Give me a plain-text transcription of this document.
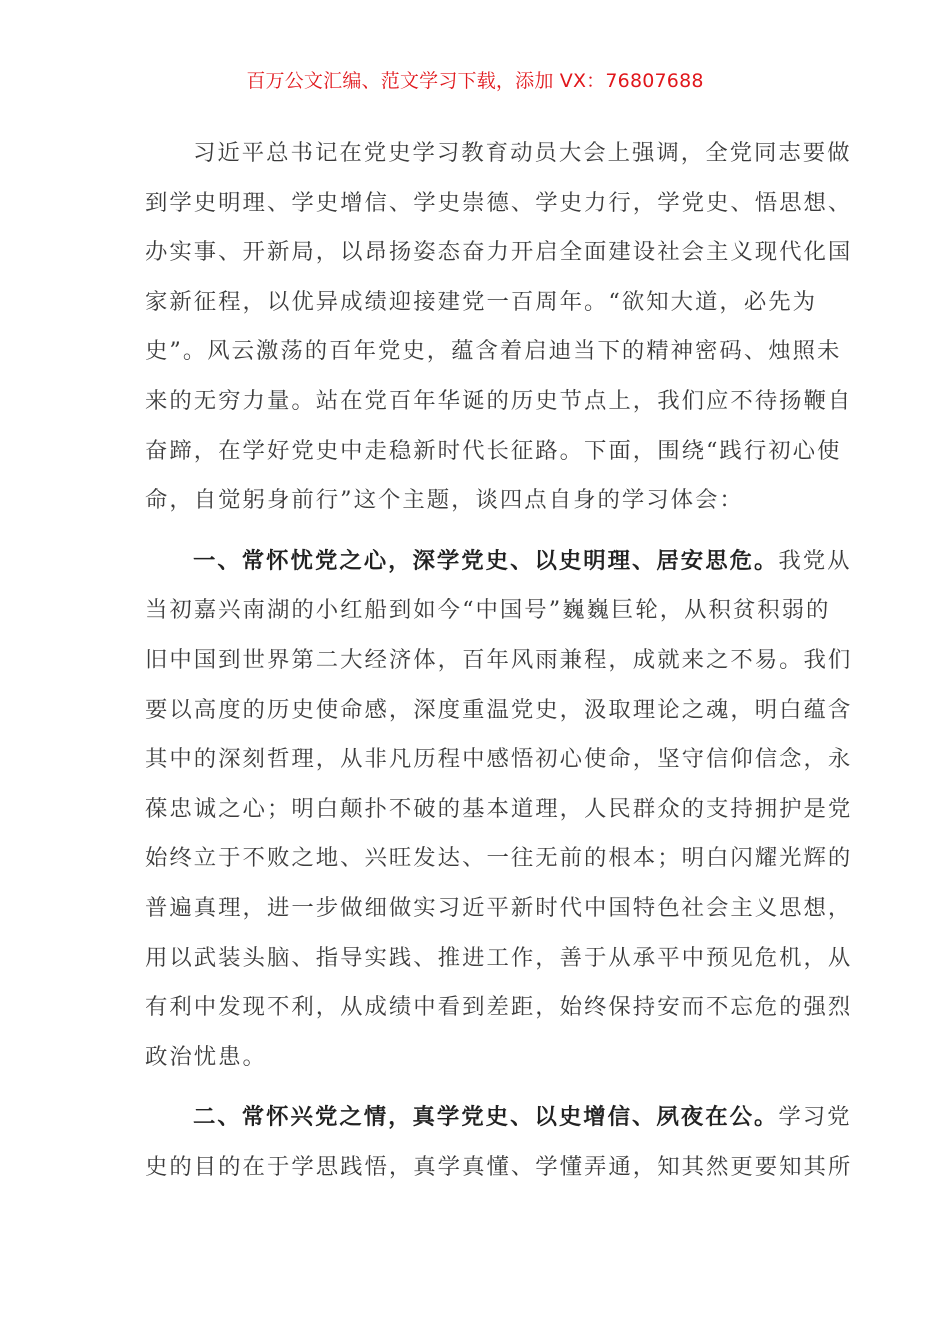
百万公文汇编、范文学习下载，添加 VX：76807688
习近平总书记在党史学习教育动员大会上强调，全党同志要做
到学史明理、学史增信、学史崇德、学史力行，学党史、悟思想、
办实事、开新局，以昂扬姿态奋力开启全面建设社会主义现代化国
家新征程，以优异成绩迎接建党一百周年。“欲知大道，必先为
史”。风云激荡的百年党史，蕴含着启迪当下的精神密码、烛照未
来的无穷力量。站在党百年华诞的历史节点上，我们应不待扬鞭自
奋蹄，在学好党史中走稳新时代长征路。下面，围绕“践行初心使
命，自觉躬身前行”这个主题，谈四点自身的学习体会：
一、常怀忧党之心，深学党史、以史明理、居安思危。我党从
当初嘉兴南湖的小红船到如今“中国号”巍巍巨轮，从积贫积弱的
旧中国到世界第二大经济体，百年风雨兼程，成就来之不易。我们
要以高度的历史使命感，深度重温党史，汲取理论之魂，明白蕴含
其中的深刻哲理，从非凡历程中感悟初心使命，坚守信仰信念，永
葆忠诚之心；明白颠扑不破的基本道理，人民群众的支持拥护是党
始终立于不败之地、兴旺发达、一往无前的根本；明白闪耀光辉的
普遍真理，进一步做细做实习近平新时代中国特色社会主义思想，
用以武装头脑、指导实践、推进工作，善于从承平中预见危机，从
有利中发现不利，从成绩中看到差距，始终保持安而不忘危的强烈
政治忧患。
二、常怀兴党之情，真学党史、以史增信、夙夜在公。学习党
史的目的在于学思践悟，真学真懂、学懂弄通，知其然更要知其所
